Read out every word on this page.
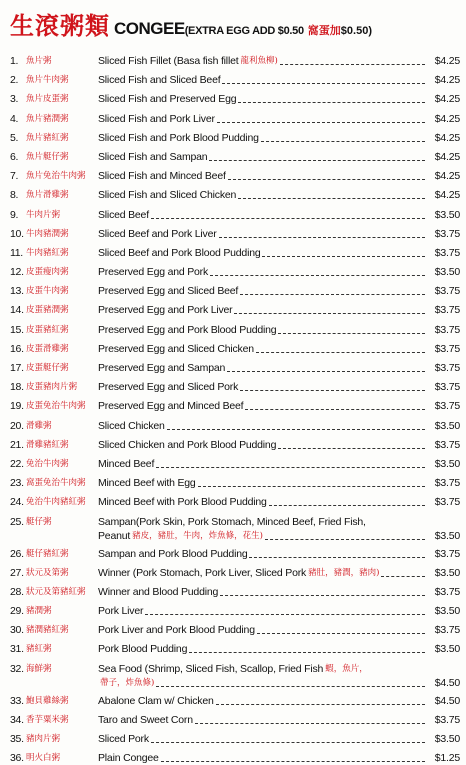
生滾粥類 CONGEE (EXTRA EGG ADD $0.50 窩蛋加 $0.50)
1. 魚片粥	Sliced Fish Fillet (Basa fish fillet 龍利魚柳)	$4.25
2. 魚片牛肉粥	Sliced Fish and Sliced Beef	$4.25
3. 魚片皮蛋粥	Sliced Fish and Preserved Egg	$4.25
4. 魚片豬潤粥	Sliced Fish and Pork Liver	$4.25
5. 魚片豬紅粥	Sliced Fish and Pork Blood Pudding	$4.25
6. 魚片艇仔粥	Sliced Fish and Sampan	$4.25
7. 魚片免治牛肉粥	Sliced Fish and Minced Beef	$4.25
8. 魚片滑雞粥	Sliced Fish and Sliced Chicken	$4.25
9. 牛肉片粥	Sliced Beef	$3.50
10. 牛肉豬潤粥	Sliced Beef and Pork Liver	$3.75
11. 牛肉豬紅粥	Sliced Beef and Pork Blood Pudding	$3.75
12. 皮蛋瘦肉粥	Preserved Egg and Pork	$3.50
13. 皮蛋牛肉粥	Preserved Egg and Sliced Beef	$3.75
14. 皮蛋豬潤粥	Preserved Egg and Pork Liver	$3.75
15. 皮蛋豬紅粥	Preserved Egg and Pork Blood Pudding	$3.75
16. 皮蛋滑雞粥	Preserved Egg and Sliced Chicken	$3.75
17. 皮蛋艇仔粥	Preserved Egg and Sampan	$3.75
18. 皮蛋豬肉片粥	Preserved Egg and Sliced Pork	$3.75
19. 皮蛋免治牛肉粥	Preserved Egg and Minced Beef	$3.75
20. 滑雞粥	Sliced Chicken	$3.50
21. 滑雞豬紅粥	Sliced Chicken and Pork Blood Pudding	$3.75
22. 免治牛肉粥	Minced Beef	$3.50
23. 窩蛋免治牛肉粥	Minced Beef with Egg	$3.75
24. 免治牛肉豬紅粥	Minced Beef with Pork Blood Pudding	$3.75
25. 艇仔粥	Sampan(Pork Skin, Pork Stomach, Minced Beef, Fried Fish,
Peanut 豬皮，豬肚，牛肉，炸魚條，花生)	$3.50
26. 艇仔豬紅粥	Sampan and Pork Blood Pudding	$3.75
27. 狀元及第粥	Winner (Pork Stomach, Pork Liver, Sliced Pork 豬肚，豬潤，豬肉)	$3.50
28. 狀元及第豬紅粥	Winner and Blood Pudding	$3.75
29. 豬潤粥	Pork Liver	$3.50
30. 豬潤豬紅粥	Pork Liver and Pork Blood Pudding	$3.75
31. 豬紅粥	Pork Blood Pudding	$3.50
32. 海鮮粥	Sea Food (Shrimp, Sliced Fish, Scallop, Fried Fish 蝦，魚片，
帶子，炸魚條)	$4.50
33. 鮑貝雞絲粥	Abalone Clam w/ Chicken	$4.50
34. 香芋粟米粥	Taro and Sweet Corn	$3.75
35. 豬肉片粥	Sliced Pork	$3.50
36. 明火白粥	Plain Congee	$1.25
